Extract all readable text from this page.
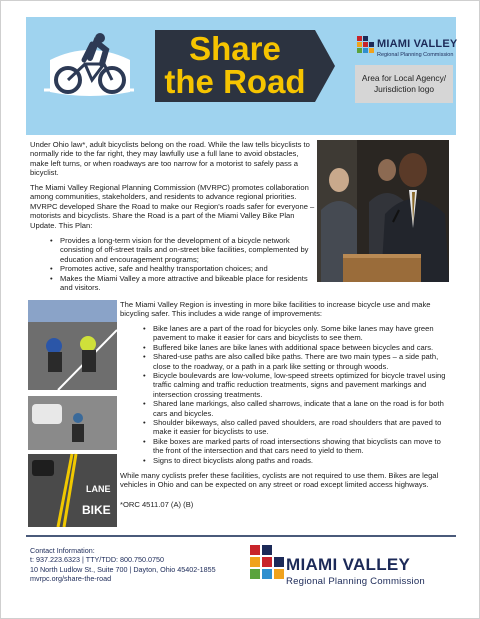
Share
the Road
MIAMI VALLEY
Regional Planning Commission
Area for Local Agency/ Jurisdiction logo
Under Ohio law*, adult bicyclists belong on the road. While the law tells bicyclists to normally ride to the far right, they may lawfully use a full lane to avoid obstacles, make left turns, or when roadways are too narrow for a motorist to safely pass a bicyclist.
The Miami Valley Regional Planning Commission (MVRPC) promotes collaboration among communities, stakeholders, and residents to advance regional priorities. MVRPC developed Share the Road to make our Region's roads safer for everyone – motorists and bicyclists. Share the Road is a part of the Miami Valley Bike Plan Update. This Plan:
• Provides a long-term vision for the development of a bicycle network consisting of off-street trails and on-street bike facilities, complemented by education and encouragement programs;
• Promotes active, safe and healthy transportation choices; and
• Makes the Miami Valley a more attractive and bikeable place for residents and visitors.
LANE
BIKE
The Miami Valley Region is investing in more bike facilities to increase bicycle use and make bicycling safer. This includes a wide range of improvements:
• Bike lanes are a part of the road for bicycles only. Some bike lanes may have green pavement to make it easier for cars and bicyclists to see them.
• Buffered bike lanes are bike lanes with additional space between bicycles and cars.
• Shared-use paths are also called bike paths. There are two main types – a side path, close to the roadway, or a path in a park like setting or through woods.
• Bicycle boulevards are low-volume, low-speed streets optimized for bicycle travel using traffic calming and traffic reduction treatments, signs and pavement markings and intersection crossing treatments.
• Shared lane markings, also called sharrows, indicate that a lane on the road is for both cars and bicycles.
• Shoulder bikeways, also called paved shoulders, are road shoulders that are paved to make it easier for bicyclists to use.
• Bike boxes are marked parts of road intersections showing that bicyclists can move to the front of the intersection and that cars need to yield to them.
• Signs to direct bicyclists along paths and roads.
While many cyclists prefer these facilities, cyclists are not required to use them. Bikes are legal vehicles in Ohio and can be expected on any street or road except limited access highways.
*ORC 4511.07 (A) (B)
Contact Information:
t: 937.223.6323 | TTY/TDD: 800.750.0750
10 North Ludlow St., Suite 700 | Dayton, Ohio 45402-1855
mvrpc.org/share-the-road
MIAMI VALLEY
Regional Planning Commission
